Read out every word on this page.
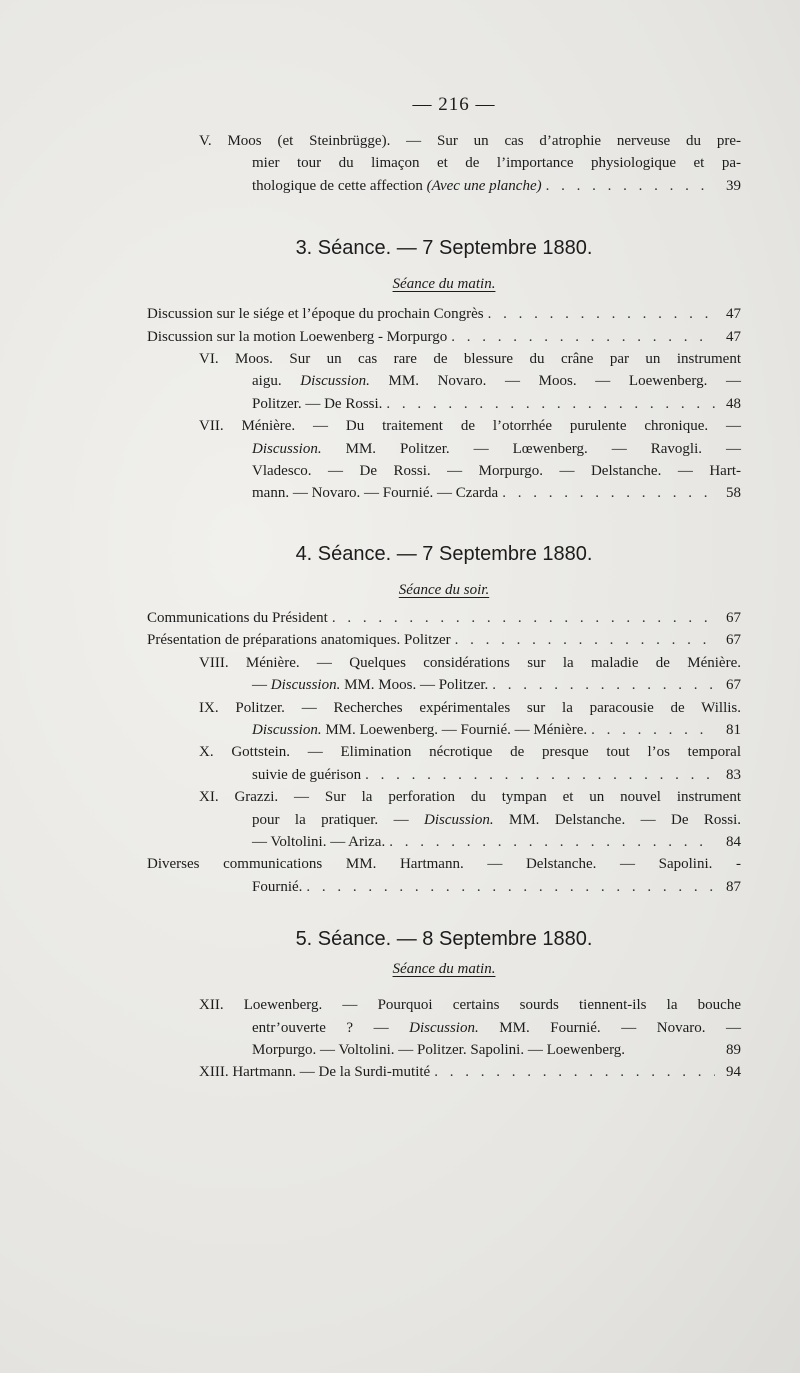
— 216 —
V. Moos (et Steinbrügge). — Sur un cas d’atrophie nerveuse du pre-
mier tour du limaçon et de l’importance physiologique et pa-
thologique de cette affection
(Avec une planche) . . .	39
3. Séance. — 7 Septembre 1880.
Séance du matin.
Discussion sur le siége et l’époque du prochain Congrès . . .	47
Discussion sur la motion Loewenberg - Morpurgo . . .	47
VI. Moos. Sur un cas rare de blessure du crâne par un instrument
aigu. Discussion. MM. Novaro. — Moos. — Loewenberg. —
Politzer. — De Rossi. . . .	48
VII. Ménière. — Du traitement de l’otorrhée purulente chronique. —
Discussion. MM. Politzer. — Lœwenberg. — Ravogli. —
Vladesco. — De Rossi. — Morpurgo. — Delstanche. — Hart-
mann. — Novaro. — Fournié. — Czarda . . .	58
4. Séance. — 7 Septembre 1880.
Séance du soir.
Communications du Président . . .	67
Présentation de préparations anatomiques. Politzer . . .	67
VIII. Ménière. — Quelques considérations sur la maladie de Ménière.
— Discussion. MM. Moos. — Politzer. . . .	67
IX. Politzer. — Recherches expérimentales sur la paracousie de Willis.
Discussion. MM. Loewenberg. — Fournié. — Ménière. . . .	81
X. Gottstein. — Elimination nécrotique de presque tout l’os temporal
suivie de guérison . . .	83
XI. Grazzi. — Sur la perforation du tympan et un nouvel instrument
pour la pratiquer. — Discussion. MM. Delstanche. — De Rossi.
— Voltolini. — Ariza. . . .	84
Diverses communications MM. Hartmann. — Delstanche. — Sapolini. -
Fournié. . . .	87
5. Séance. — 8 Septembre 1880.
Séance du matin.
XII. Loewenberg. — Pourquoi certains sourds tiennent-ils la bouche
entr’ouverte ? — Discussion. MM. Fournié. — Novaro. —
Morpurgo. — Voltolini. — Politzer. Sapolini. — Loewenberg.	89
XIII. Hartmann. — De la Surdi-mutité . . .	94
